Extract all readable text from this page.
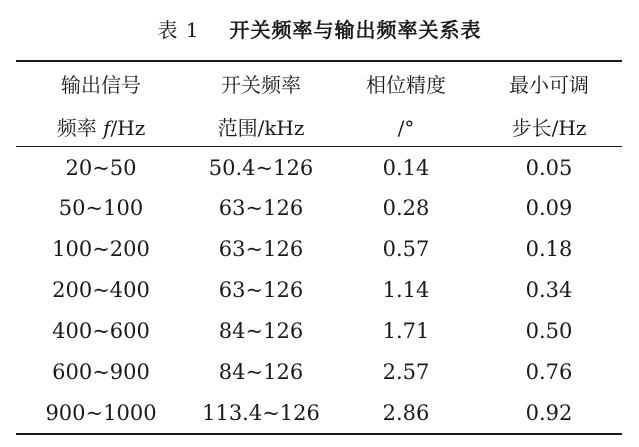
表 1 开关频率与输出频率关系表
输出信号	开关频率	相位精度	最小可调
频率 f/Hz	范围/kHz	/°	步长/Hz
20~50	50.4~126	0.14	0.05
50~100	63~126	0.28	0.09
100~200	63~126	0.57	0.18
200~400	63~126	1.14	0.34
400~600	84~126	1.71	0.50
600~900	84~126	2.57	0.76
900~1000	113.4~126	2.86	0.92
